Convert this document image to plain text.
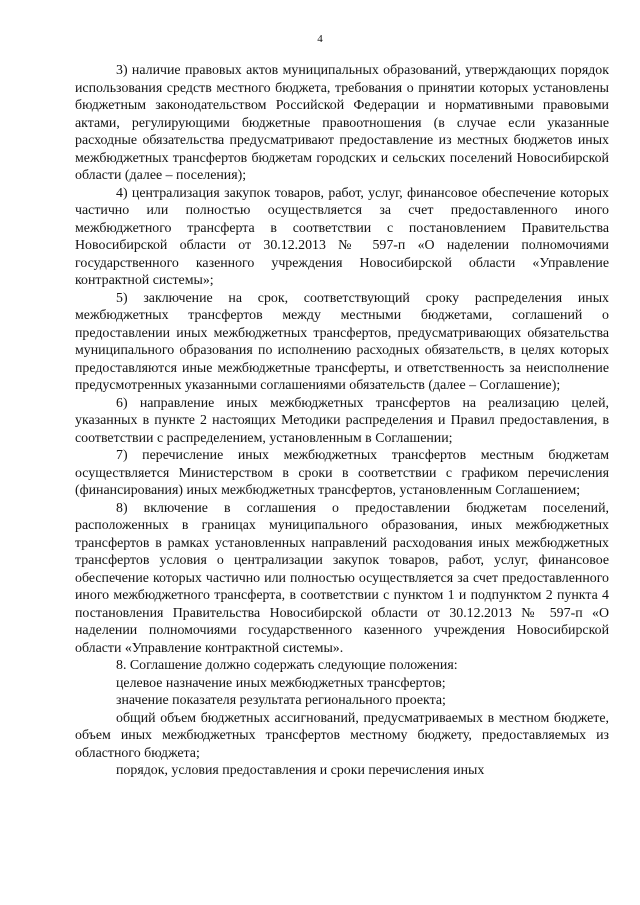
4

3) наличие правовых актов муниципальных образований, утверждающих порядок использования средств местного бюджета, требования о принятии которых установлены бюджетным законодательством Российской Федерации и нормативными правовыми актами, регулирующими бюджетные правоотношения (в случае если указанные расходные обязательства предусматривают предоставление из местных бюджетов иных межбюджетных трансфертов бюджетам городских и сельских поселений Новосибирской области (далее – поселения);

4) централизация закупок товаров, работ, услуг, финансовое обеспечение которых частично или полностью осуществляется за счет предоставленного иного межбюджетного трансферта в соответствии с постановлением Правительства Новосибирской области от 30.12.2013 № 597-п «О наделении полномочиями государственного казенного учреждения Новосибирской области «Управление контрактной системы»;

5) заключение на срок, соответствующий сроку распределения иных межбюджетных трансфертов между местными бюджетами, соглашений о предоставлении иных межбюджетных трансфертов, предусматривающих обязательства муниципального образования по исполнению расходных обязательств, в целях которых предоставляются иные межбюджетные трансферты, и ответственность за неисполнение предусмотренных указанными соглашениями обязательств (далее – Соглашение);

6) направление иных межбюджетных трансфертов на реализацию целей, указанных в пункте 2 настоящих Методики распределения и Правил предоставления, в соответствии с распределением, установленным в Соглашении;

7) перечисление иных межбюджетных трансфертов местным бюджетам осуществляется Министерством в сроки в соответствии с графиком перечисления (финансирования) иных межбюджетных трансфертов, установленным Соглашением;

8) включение в соглашения о предоставлении бюджетам поселений, расположенных в границах муниципального образования, иных межбюджетных трансфертов в рамках установленных направлений расходования иных межбюджетных трансфертов условия о централизации закупок товаров, работ, услуг, финансовое обеспечение которых частично или полностью осуществляется за счет предоставленного иного межбюджетного трансферта, в соответствии с пунктом 1 и подпунктом 2 пункта 4 постановления Правительства Новосибирской области от 30.12.2013 № 597-п «О наделении полномочиями государственного казенного учреждения Новосибирской области «Управление контрактной системы».

8. Соглашение должно содержать следующие положения:

целевое назначение иных межбюджетных трансфертов;

значение показателя результата регионального проекта;

общий объем бюджетных ассигнований, предусматриваемых в местном бюджете, объем иных межбюджетных трансфертов местному бюджету, предоставляемых из областного бюджета;

порядок, условия предоставления и сроки перечисления иных
